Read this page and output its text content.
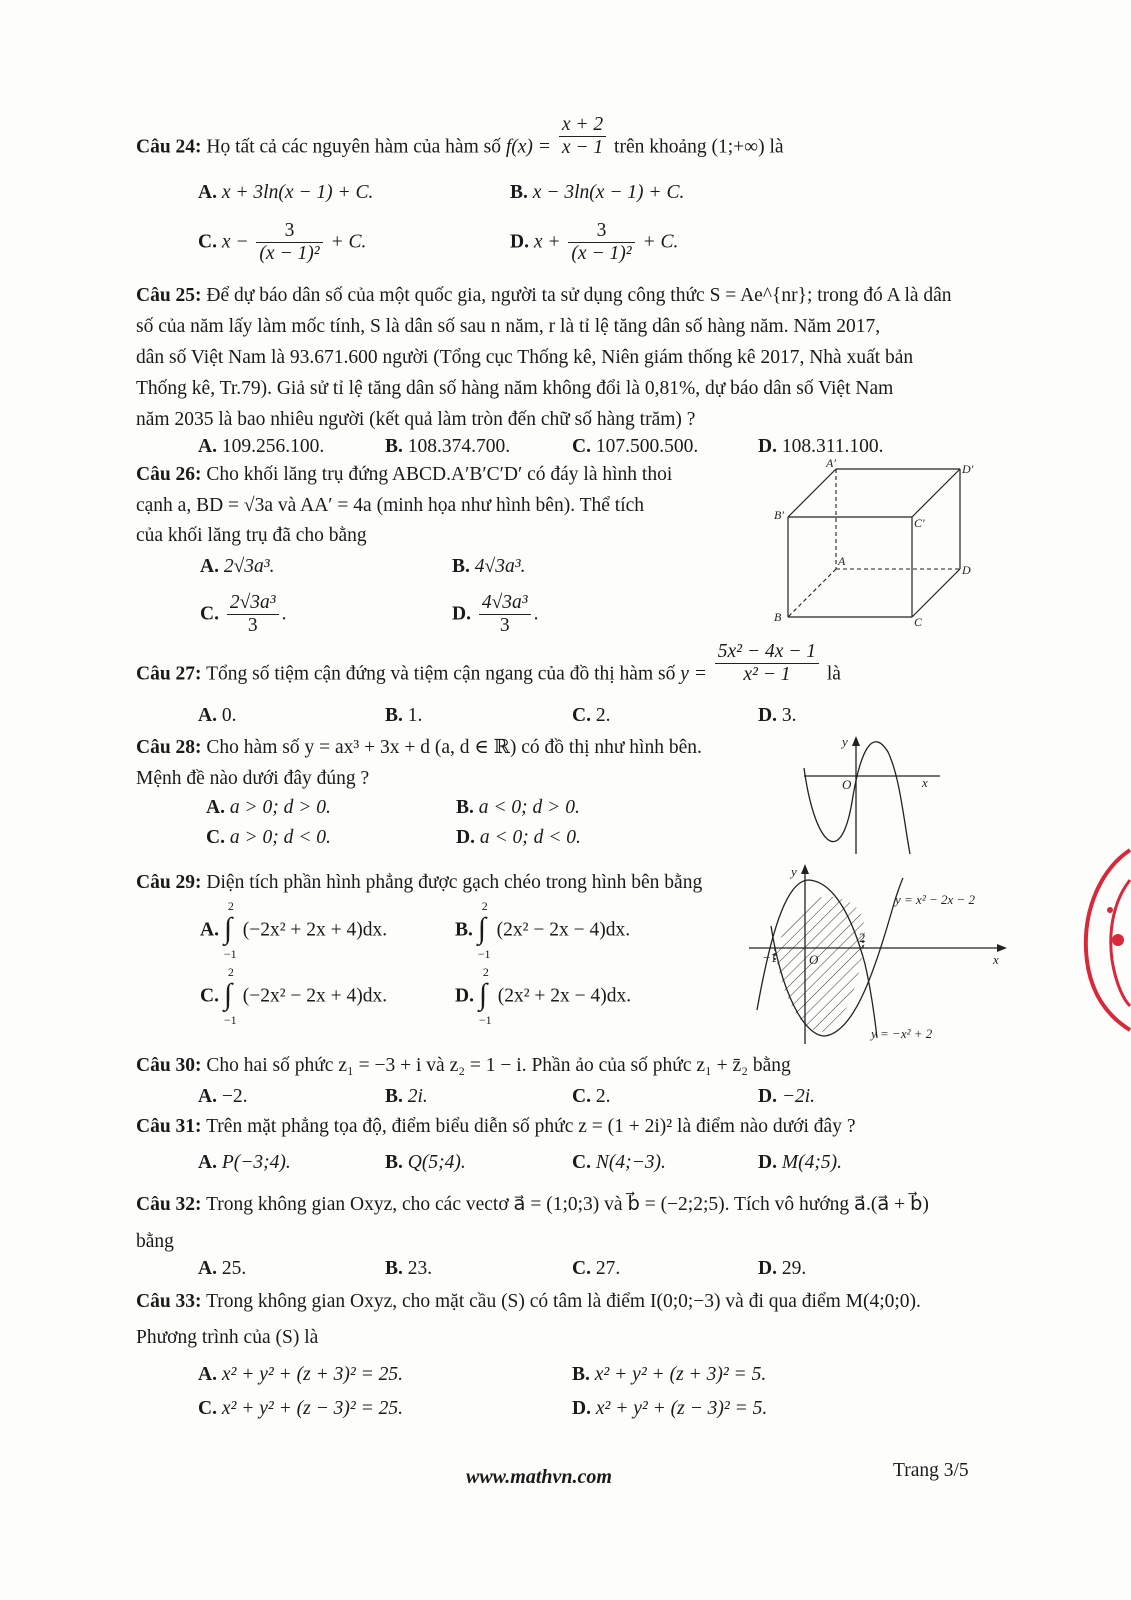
Câu 24: Họ tất cả các nguyên hàm của hàm số $f(x) = \frac{x + 2}{x - 1}$ trên khoảng (1;+∞) là
A. x + 3ln(x − 1) + C.	B. x − 3ln(x − 1) + C.
C. $x - \frac{3}{\text{(x − 1)²}} + C$.	D. $x + \frac{3}{\text{(x − 1)²}} + C$.
Câu 25: Để dự báo dân số của một quốc gia, người ta sử dụng công thức S = Ae^{nr}; trong đó A là dân
số của năm lấy làm mốc tính, S là dân số sau n năm, r là tỉ lệ tăng dân số hàng năm. Năm 2017,
dân số Việt Nam là 93.671.600 người (Tổng cục Thống kê, Niên giám thống kê 2017, Nhà xuất bản
Thống kê, Tr.79). Giả sử tỉ lệ tăng dân số hàng năm không đổi là 0,81%, dự báo dân số Việt Nam
năm 2035 là bao nhiêu người (kết quả làm tròn đến chữ số hàng trăm) ?
A. 109.256.100.	B. 108.374.700.	C. 107.500.500.	D. 108.311.100.
Câu 26: Cho khối lăng trụ đứng ABCD.A′B′C′D′ có đáy là hình thoi
cạnh a, BD = √3a và AA′ = 4a (minh họa như hình bên). Thể tích
của khối lăng trụ đã cho bằng
A. 2√3a³.	B. 4√3a³.
C. $\frac{\text{2√3a³}}{3}$ .	D. $\frac{\text{4√3a³}}{3}$ .
A′	D′
B′
C′
A
D
B	C
Câu 27: Tổng số tiệm cận đứng và tiệm cận ngang của đồ thị hàm số $y = \frac{\text{5x² − 4x − 1}}{\text{x² − 1}}$ là
A. 0.	B. 1.	C. 2.	D. 3.
Câu 28: Cho hàm số y = ax³ + 3x + d (a, d ∈ ℝ) có đồ thị như hình bên.
Mệnh đề nào dưới đây đúng ?
A. a > 0; d > 0.	B. a < 0; d > 0.
C. a > 0; d < 0.	D. a < 0; d < 0.
y
O	x
Câu 29: Diện tích phần hình phẳng được gạch chéo trong hình bên bằng
A. ∫
2
−1
(−2x² + 2x + 4)dx.	B. ∫
2
−1
(2x² − 2x − 4)dx.
C. ∫
2
−1
(−2x² − 2x + 4)dx.	D. ∫
2
−1
(2x² + 2x − 4)dx.
y
x
O
−1
2
y = x² − 2x − 2
y = −x² + 2
Câu 30: Cho hai số phức z₁ = −3 + i và z₂ = 1 − i. Phần ảo của số phức z₁ + z̄₂ bằng
A. −2.	B. 2i.	C. 2.	D. −2i.
Câu 31: Trên mặt phẳng tọa độ, điểm biểu diễn số phức z = (1 + 2i)² là điểm nào dưới đây ?
A. P(−3;4).	B. Q(5;4).	C. N(4;−3).	D. M(4;5).
Câu 32: Trong không gian Oxyz, cho các vectơ a⃗ = (1;0;3) và b⃗ = (−2;2;5). Tích vô hướng a⃗.(a⃗ + b⃗)
bằng
A. 25.	B. 23.	C. 27.	D. 29.
Câu 33: Trong không gian Oxyz, cho mặt cầu (S) có tâm là điểm I(0;0;−3) và đi qua điểm M(4;0;0).
Phương trình của (S) là
A. x² + y² + (z + 3)² = 25.	B. x² + y² + (z + 3)² = 5.
C. x² + y² + (z − 3)² = 25.	D. x² + y² + (z − 3)² = 5.
www.mathvn.com	Trang 3/5
